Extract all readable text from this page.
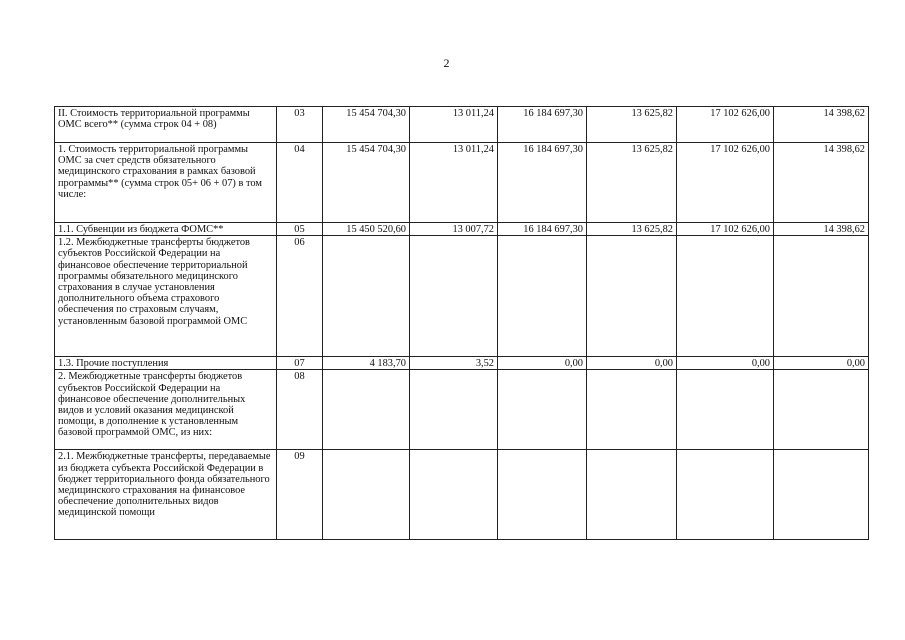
2
II. Стоимость территориальной программы ОМС всего** (сумма строк 04 + 08)	03	15 454 704,30	13 011,24	16 184 697,30	13 625,82	17 102 626,00	14 398,62
1. Стоимость территориальной программы ОМС за счет средств обязательного медицинского страхования в рамках базовой программы** (сумма строк 05+ 06 + 07) в том числе:	04	15 454 704,30	13 011,24	16 184 697,30	13 625,82	17 102 626,00	14 398,62
1.1. Субвенции из бюджета ФОМС**	05	15 450 520,60	13 007,72	16 184 697,30	13 625,82	17 102 626,00	14 398,62
1.2. Межбюджетные трансферты бюджетов субъектов Российской Федерации на финансовое обеспечение территориальной программы обязательного медицинского страхования в случае установления дополнительного объема страхового обеспечения по страховым случаям, установленным базовой программой ОМС	06						
1.3. Прочие поступления	07	4 183,70	3,52	0,00	0,00	0,00	0,00
2. Межбюджетные трансферты бюджетов субъектов Российской Федерации на финансовое обеспечение дополнительных видов и условий оказания медицинской помощи, в дополнение к установленным базовой программой ОМС, из них:	08						
2.1. Межбюджетные трансферты, передаваемые из бюджета субъекта Российской Федерации в бюджет территориального фонда обязательного медицинского страхования на финансовое обеспечение дополнительных видов медицинской помощи	09						
